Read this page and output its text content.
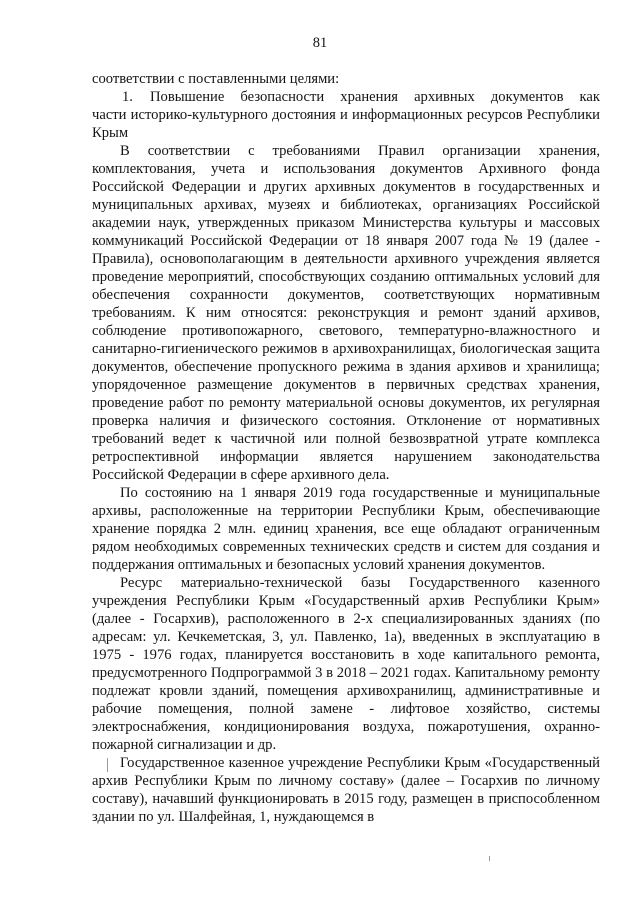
81

соответствии с поставленными целями:

1.	Повышение безопасности хранения архивных документов как

части историко-культурного достояния и информационных ресурсов Республики Крым

В соответствии с требованиями Правил организации хранения, комплектования, учета и использования документов Архивного фонда Российской Федерации и других архивных документов в государственных и муниципальных архивах, музеях и библиотеках, организациях Российской академии наук, утвержденных приказом Министерства культуры и массовых коммуникаций Российской Федерации от 18 января 2007 года № 19 (далее - Правила), основополагающим в деятельности архивного учреждения является проведение мероприятий, способствующих созданию оптимальных условий для обеспечения сохранности документов, соответствующих нормативным требованиям. К ним относятся: реконструкция и ремонт зданий архивов, соблюдение противопожарного, светового, температурно-влажностного и санитарно-гигиенического режимов в архивохранилищах, биологическая защита документов, обеспечение пропускного режима в здания архивов и хранилища; упорядоченное размещение документов в первичных средствах хранения, проведение работ по ремонту материальной основы документов, их регулярная проверка наличия и физического состояния. Отклонение от нормативных требований ведет к частичной или полной безвозвратной утрате комплекса ретроспективной информации является нарушением законодательства Российской Федерации в сфере архивного дела.

По состоянию на 1 января 2019 года государственные и муниципальные архивы, расположенные на территории Республики Крым, обеспечивающие хранение порядка 2 млн. единиц хранения, все еще обладают ограниченным рядом необходимых современных технических средств и систем для создания и поддержания оптимальных и безопасных условий хранения документов.

Ресурс материально-технической базы Государственного казенного учреждения Республики Крым «Государственный архив Республики Крым» (далее - Госархив), расположенного в 2-х специализированных зданиях (по адресам: ул. Кечкеметская, 3, ул. Павленко, 1а), введенных в эксплуатацию в 1975 - 1976 годах, планируется восстановить в ходе капитального ремонта, предусмотренного Подпрограммой 3 в 2018 – 2021 годах. Капитальному ремонту подлежат кровли зданий, помещения архивохранилищ, административные и рабочие помещения, полной замене - лифтовое хозяйство, системы электроснабжения, кондиционирования воздуха, пожаротушения, охранно-пожарной сигнализации и др.

Государственное казенное учреждение Республики Крым «Государственный архив Республики Крым по личному составу» (далее – Госархив по личному составу), начавший функционировать в 2015 году, размещен в приспособленном здании по ул. Шалфейная, 1, нуждающемся в
